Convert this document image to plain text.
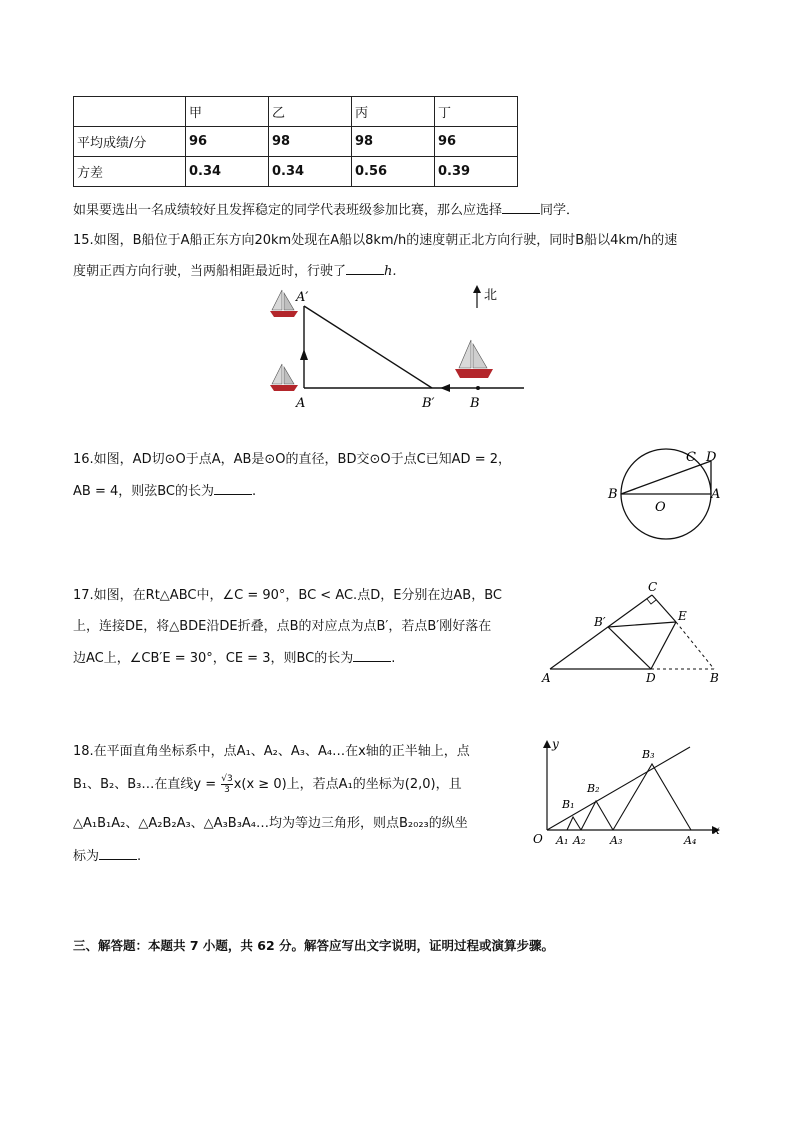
	甲	乙	丙	丁
平均成绩/分	96	98	98	96
方差	0.34	0.34	0.56	0.39
如果要选出一名成绩较好且发挥稳定的同学代表班级参加比赛，那么应选择	同学．
15.如图，B船位于A船正东方向20km处现在A船以8km/h的速度朝正北方向行驶，同时B船以4km/h的速
度朝正西方向行驶，当两船相距最近时，行驶了	h.
北
A′
A	B′	B
16.如图，AD切⊙O于点A，AB是⊙O的直径，BD交⊙O于点C已知AD = 2，
AB = 4，则弦BC的长为	.	B
C D
A
O
17.如图，在Rt△ABC中，∠C = 90°，BC < AC.点D，E分别在边AB，BC
上，连接DE，将△BDE沿DE折叠，点B的对应点为点B′，若点B′刚好落在
边AC上，∠CB′E = 30°，CE = 3，则BC的长为	.
C
B′	E
A	D	B
18.在平面直角坐标系中，点A₁、A₂、A₃、A₄…在x轴的正半轴上，点
B₁、B₂、B₃…在直线$y = \frac{√3}{3} x(x \ge 0)$上，若点A₁的坐标为(2,0)，且
△A₁B₁A₂、△A₂B₂A₃、△A₃B₃A₄…均为等边三角形，则点B₂₀₂₃的纵坐
标为	.
y
x
O A₁ A₂ A₃	A₄
B₁
B₂
B₃
三、解答题：本题共 7 小题，共 62 分。解答应写出文字说明，证明过程或演算步骤。
